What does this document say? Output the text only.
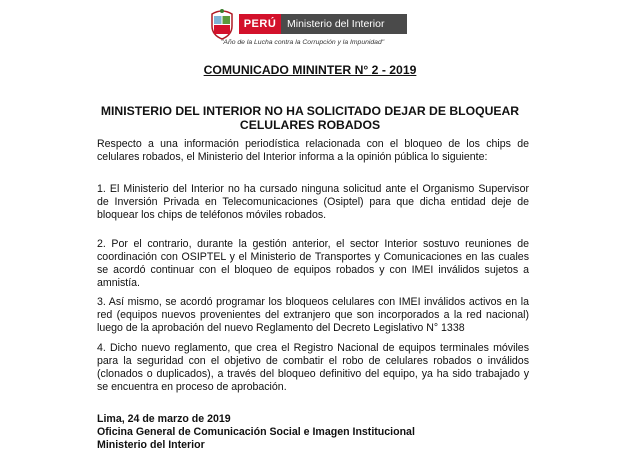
PERÚ	Ministerio del Interior
"Año de la Lucha contra la Corrupción y la Impunidad"
COMUNICADO MININTER N° 2 - 2019
MINISTERIO DEL INTERIOR NO HA SOLICITADO DEJAR DE BLOQUEAR CELULARES ROBADOS
Respecto a una información periodística relacionada con el bloqueo de los chips de celulares robados, el Ministerio del Interior informa a la opinión pública lo siguiente:
1. El Ministerio del Interior no ha cursado ninguna solicitud ante el Organismo Supervisor de Inversión Privada en Telecomunicaciones (Osiptel) para que dicha entidad deje de bloquear los chips de teléfonos móviles robados.
2. Por el contrario, durante la gestión anterior, el sector Interior sostuvo reuniones de coordinación con OSIPTEL y el Ministerio de Transportes y Comunicaciones en las cuales se acordó continuar con el bloqueo de equipos robados y con IMEI inválidos sujetos a amnistía.
3. Así mismo, se acordó programar los bloqueos celulares con IMEI inválidos activos en la red (equipos nuevos provenientes del extranjero que son incorporados a la red nacional) luego de la aprobación del nuevo Reglamento del Decreto Legislativo N° 1338
4. Dicho nuevo reglamento, que crea el Registro Nacional de equipos terminales móviles para la seguridad con el objetivo de combatir el robo de celulares robados o inválidos (clonados o duplicados), a través del bloqueo definitivo del equipo, ya ha sido trabajado y se encuentra en proceso de aprobación.
Lima, 24 de marzo de 2019
Oficina General de Comunicación Social e Imagen Institucional
Ministerio del Interior
